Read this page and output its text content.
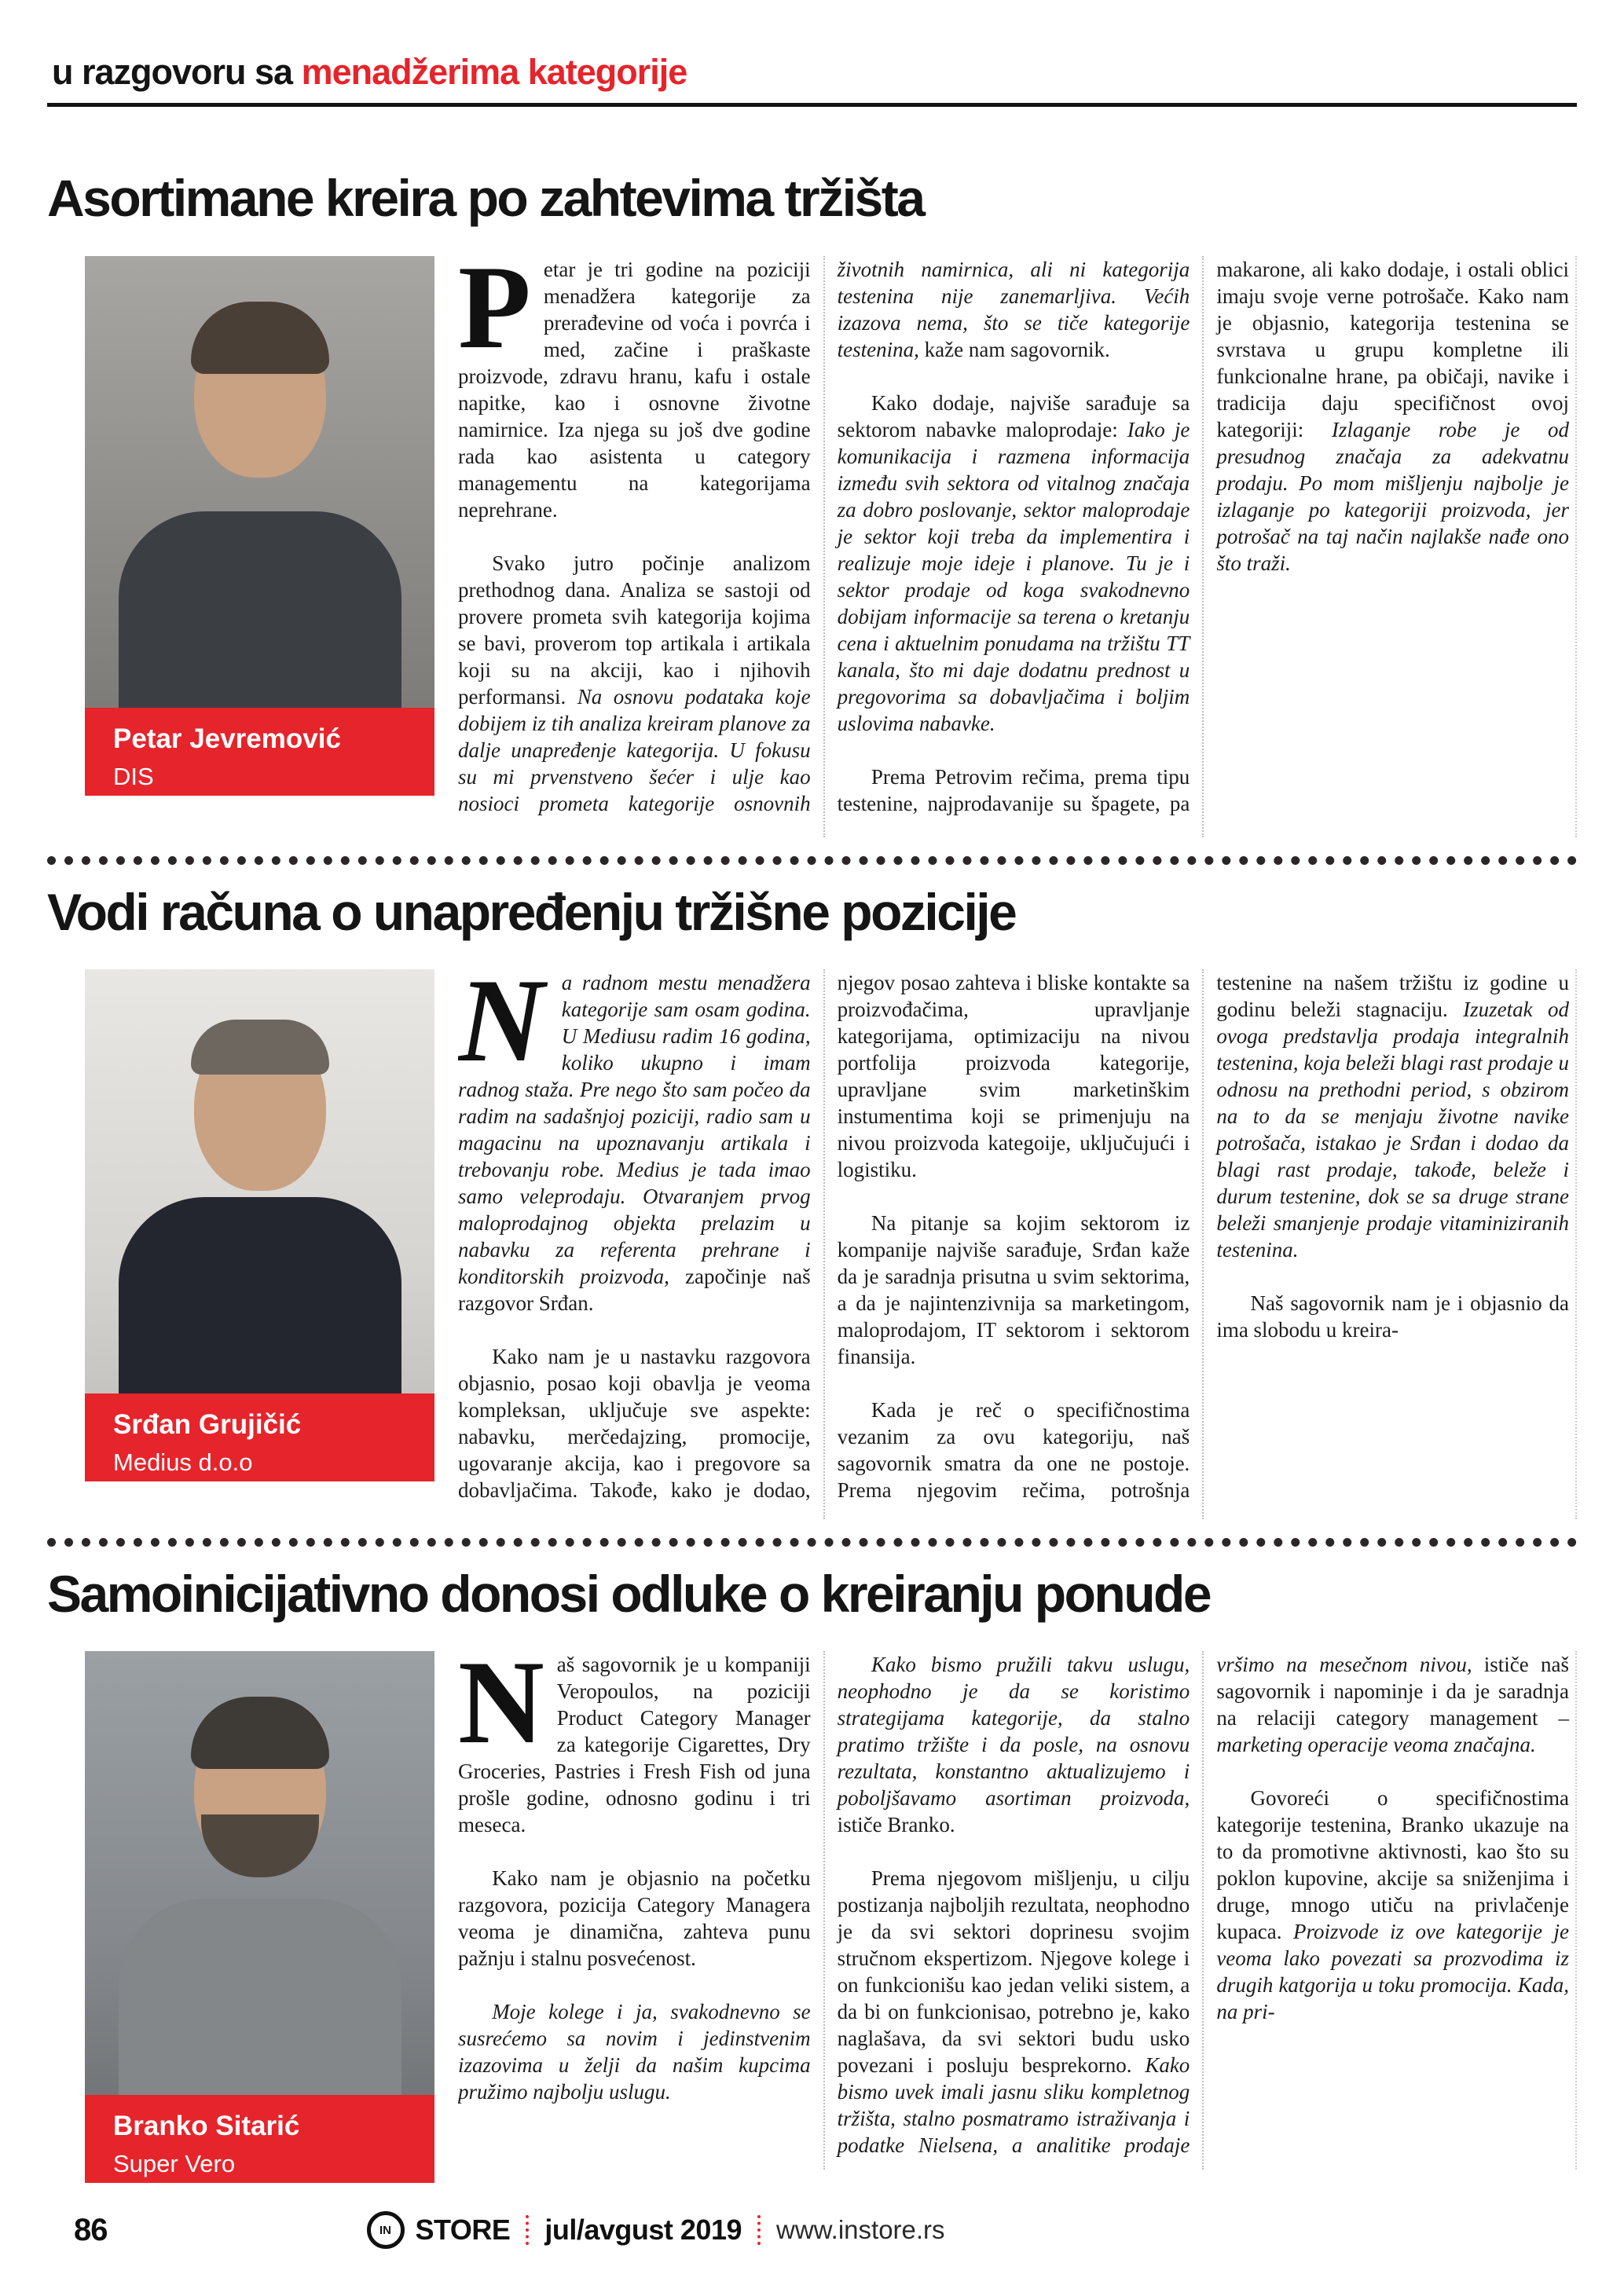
u razgovoru sa menadžerima kategorije
Asortimane kreira po zahtevima tržišta
Petar Jevremović
DIS

Petar je tri godine na poziciji menadžera kategorije za prerađevine od voća i povrća i med, začine i praškaste proizvode, zdravu hranu, kafu i ostale napitke, kao i osnovne životne namirnice. Iza njega su još dve godine rada kao asistenta u category managementu na kategorijama neprehrane.

Svako jutro počinje analizom prethodnog dana. Analiza se sastoji od provere prometa svih kategorija kojima se bavi, proverom top artikala i artikala koji su na akciji, kao i njihovih performansi. Na osnovu podataka koje dobijem iz tih analiza kreiram planove za dalje unapređenje kategorija. U fokusu su mi prvenstveno šećer i ulje kao nosioci prometa kategorije osnovnih životnih namirnica, ali ni kategorija testenina nije zanemarljiva. Većih izazova nema, što se tiče kategorije testenina, kaže nam sagovornik.

Kako dodaje, najviše sarađuje sa sektorom nabavke maloprodaje: Iako je komunikacija i razmena informacija između svih sektora od vitalnog značaja za dobro poslovanje, sektor maloprodaje je sektor koji treba da implementira i realizuje moje ideje i planove. Tu je i sektor prodaje od koga svakodnevno dobijam informacije sa terena o kretanju cena i aktuelnim ponudama na tržištu TT kanala, što mi daje dodatnu prednost u pregovorima sa dobavljačima i boljim uslovima nabavke.

Prema Petrovim rečima, prema tipu testenine, najprodavanije su špagete, pa makarone, ali kako dodaje, i ostali oblici imaju svoje verne potrošače. Kako nam je objasnio, kategorija testenina se svrstava u grupu kompletne ili funkcionalne hrane, pa običaji, navike i tradicija daju specifičnost ovoj kategoriji: Izlaganje robe je od presudnog značaja za adekvatnu prodaju. Po mom mišljenju najbolje je izlaganje po kategoriji proizvoda, jer potrošač na taj način najlakše nađe ono što traži.

Vodi računa o unapređenju tržišne pozicije
Srđan Grujičić
Medius d.o.o

Na radnom mestu menadžera kategorije sam osam godina. U Mediusu radim 16 godina, koliko ukupno i imam radnog staža. Pre nego što sam počeo da radim na sadašnjoj poziciji, radio sam u magacinu na upoznavanju artikala i trebovanju robe. Medius je tada imao samo veleprodaju. Otvaranjem prvog maloprodajnog objekta prelazim u nabavku za referenta prehrane i konditorskih proizvoda, započinje naš razgovor Srđan.

Kako nam je u nastavku razgovora objasnio, posao koji obavlja je veoma kompleksan, uključuje sve aspekte: nabavku, merčedajzing, promocije, ugovaranje akcija, kao i pregovore sa dobavljačima. Takođe, kako je dodao, njegov posao zahteva i bliske kontakte sa proizvođačima, upravljanje kategorijama, optimizaciju na nivou portfolija proizvoda kategorije, upravljane svim marketinškim instumentima koji se primenjuju na nivou proizvoda kategoije, uključujući i logistiku.

Na pitanje sa kojim sektorom iz kompanije najviše sarađuje, Srđan kaže da je saradnja prisutna u svim sektorima, a da je najintenzivnija sa marketingom, maloprodajom, IT sektorom i sektorom finansija.

Kada je reč o specifičnostima vezanim za ovu kategoriju, naš sagovornik smatra da one ne postoje. Prema njegovim rečima, potrošnja testenine na našem tržištu iz godine u godinu beleži stagnaciju. Izuzetak od ovoga predstavlja prodaja integralnih testenina, koja beleži blagi rast prodaje u odnosu na prethodni period, s obzirom na to da se menjaju životne navike potrošača, istakao je Srđan i dodao da blagi rast prodaje, takođe, beleže i durum testenine, dok se sa druge strane beleži smanjenje prodaje vitaminiziranih testenina.

Naš sagovornik nam je i objasnio da ima slobodu u kreira-

Samoinicijativno donosi odluke o kreiranju ponude
Branko Sitarić
Super Vero

Naš sagovornik je u kompaniji Veropoulos, na poziciji Product Category Manager za kategorije Cigarettes, Dry Groceries, Pastries i Fresh Fish od juna prošle godine, odnosno godinu i tri meseca.

Kako nam je objasnio na početku razgovora, pozicija Category Managera veoma je dinamična, zahteva punu pažnju i stalnu posvećenost.

Moje kolege i ja, svakodnevno se susrećemo sa novim i jedinstvenim izazovima u želji da našim kupcima pružimo najbolju uslugu.

Kako bismo pružili takvu uslugu, neophodno je da se koristimo strategijama kategorije, da stalno pratimo tržište i da posle, na osnovu rezultata, konstantno aktualizujemo i poboljšavamo asortiman proizvoda, ističe Branko.

Prema njegovom mišljenju, u cilju postizanja najboljih rezultata, neophodno je da svi sektori doprinesu svojim stručnom ekspertizom. Njegove kolege i on funkcionišu kao jedan veliki sistem, a da bi on funkcionisao, potrebno je, kako naglašava, da svi sektori budu usko povezani i posluju besprekorno. Kako bismo uvek imali jasnu sliku kompletnog tržišta, stalno posmatramo istraživanja i podatke Nielsena, a analitike prodaje vršimo na mesečnom nivou, ističe naš sagovornik i napominje i da je saradnja na relaciji category management – marketing operacije veoma značajna.

Govoreći o specifičnostima kategorije testenina, Branko ukazuje na to da promotivne aktivnosti, kao što su poklon kupovine, akcije sa sniženjima i druge, mnogo utiču na privlačenje kupaca. Proizvode iz ove kategorije je veoma lako povezati sa prozvodima iz drugih katgorija u toku promocija. Kada, na pri-

86	IN STORE jul/avgust 2019 www.instore.rs
